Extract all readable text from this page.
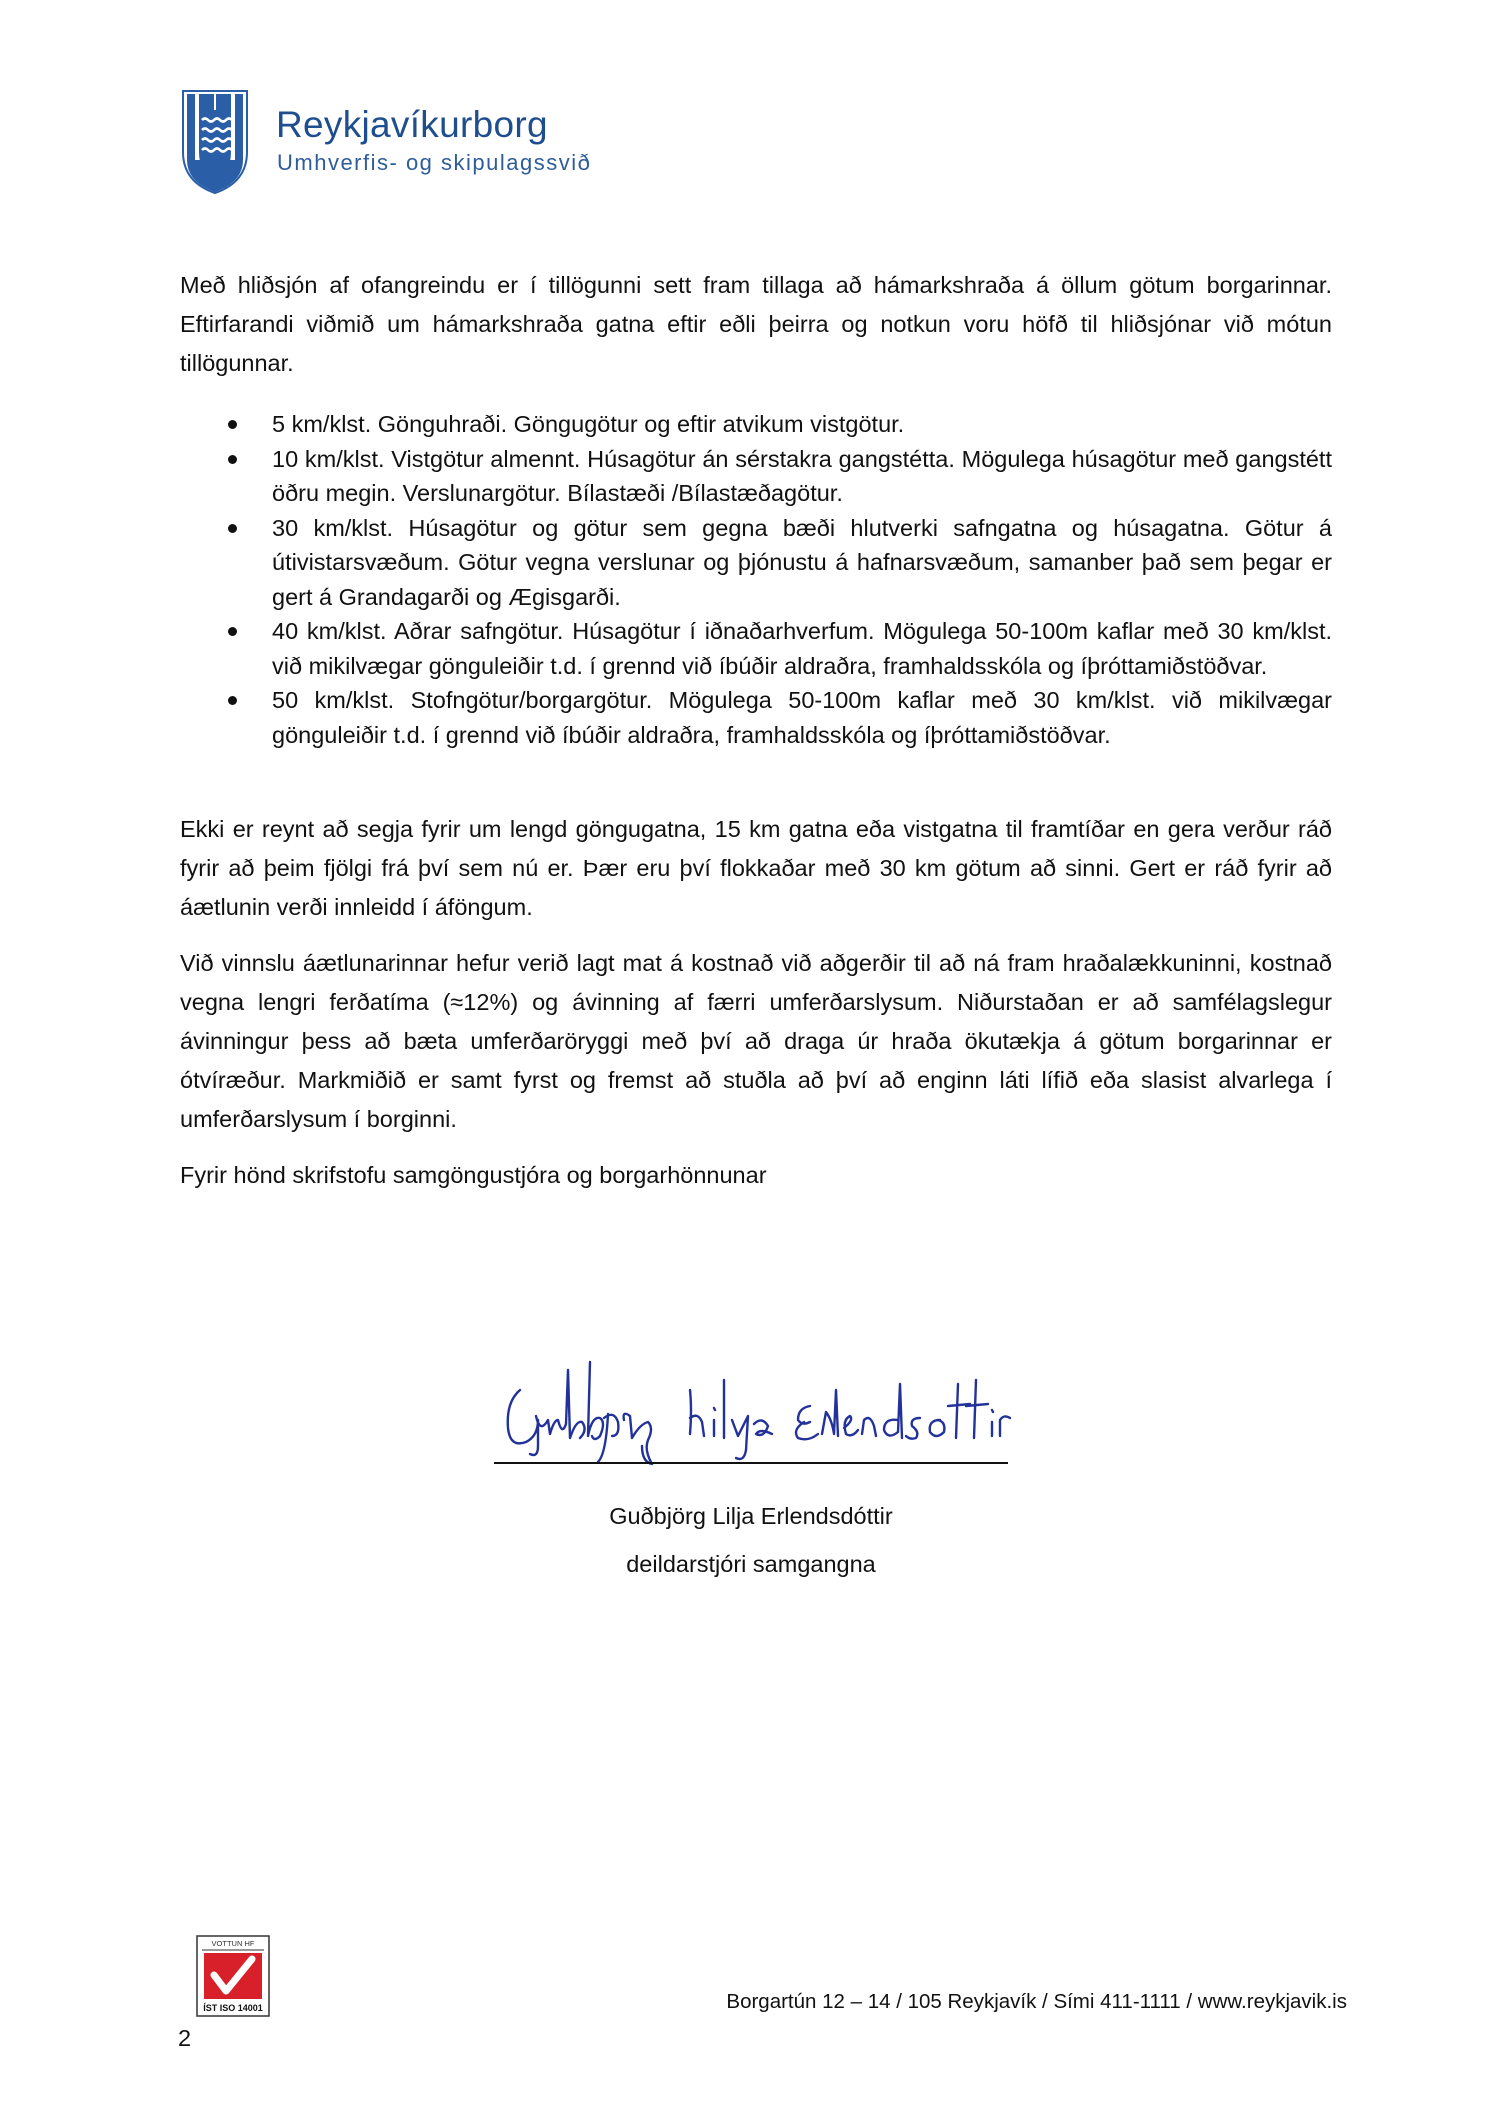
Reykjavíkurborg
Umhverfis- og skipulagssvið

Með hliðsjón af ofangreindu er í tillögunni sett fram tillaga að hámarkshraða á öllum götum borgarinnar. Eftirfarandi viðmið um hámarkshraða gatna eftir eðli þeirra og notkun voru höfð til hliðsjónar við mótun tillögunnar.

5 km/klst. Gönguhraði. Göngugötur og eftir atvikum vistgötur.
10 km/klst. Vistgötur almennt. Húsagötur án sérstakra gangstétta. Mögulega húsagötur með gangstétt öðru megin. Verslunargötur. Bílastæði /Bílastæðagötur.
30 km/klst. Húsagötur og götur sem gegna bæði hlutverki safngatna og húsagatna. Götur á útivistarsvæðum. Götur vegna verslunar og þjónustu á hafnarsvæðum, samanber það sem þegar er gert á Grandagarði og Ægisgarði.
40 km/klst. Aðrar safngötur. Húsagötur í iðnaðarhverfum. Mögulega 50-100m kaflar með 30 km/klst. við mikilvægar gönguleiðir t.d. í grennd við íbúðir aldraðra, framhaldsskóla og íþróttamiðstöðvar.
50 km/klst. Stofngötur/borgargötur. Mögulega 50-100m kaflar með 30 km/klst. við mikilvægar gönguleiðir t.d. í grennd við íbúðir aldraðra, framhaldsskóla og íþróttamiðstöðvar.

Ekki er reynt að segja fyrir um lengd göngugatna, 15 km gatna eða vistgatna til framtíðar en gera verður ráð fyrir að þeim fjölgi frá því sem nú er. Þær eru því flokkaðar með 30 km götum að sinni. Gert er ráð fyrir að áætlunin verði innleidd í áföngum.

Við vinnslu áætlunarinnar hefur verið lagt mat á kostnað við aðgerðir til að ná fram hraðalækkuninni, kostnað vegna lengri ferðatíma (≈12%) og ávinning af færri umferðarslysum. Niðurstaðan er að samfélagslegur ávinningur þess að bæta umferðaröryggi með því að draga úr hraða ökutækja á götum borgarinnar er ótvíræður. Markmiðið er samt fyrst og fremst að stuðla að því að enginn láti lífið eða slasist alvarlega í umferðarslysum í borginni.

Fyrir hönd skrifstofu samgöngustjóra og borgarhönnunar

Guðbjörg Lilja Erlendsdóttir
deildarstjóri samgangna
VOTTUN HF
ÍST ISO 14001	Borgartún 12 – 14 / 105 Reykjavík / Sími 411-1111 / www.reykjavik.is
2
